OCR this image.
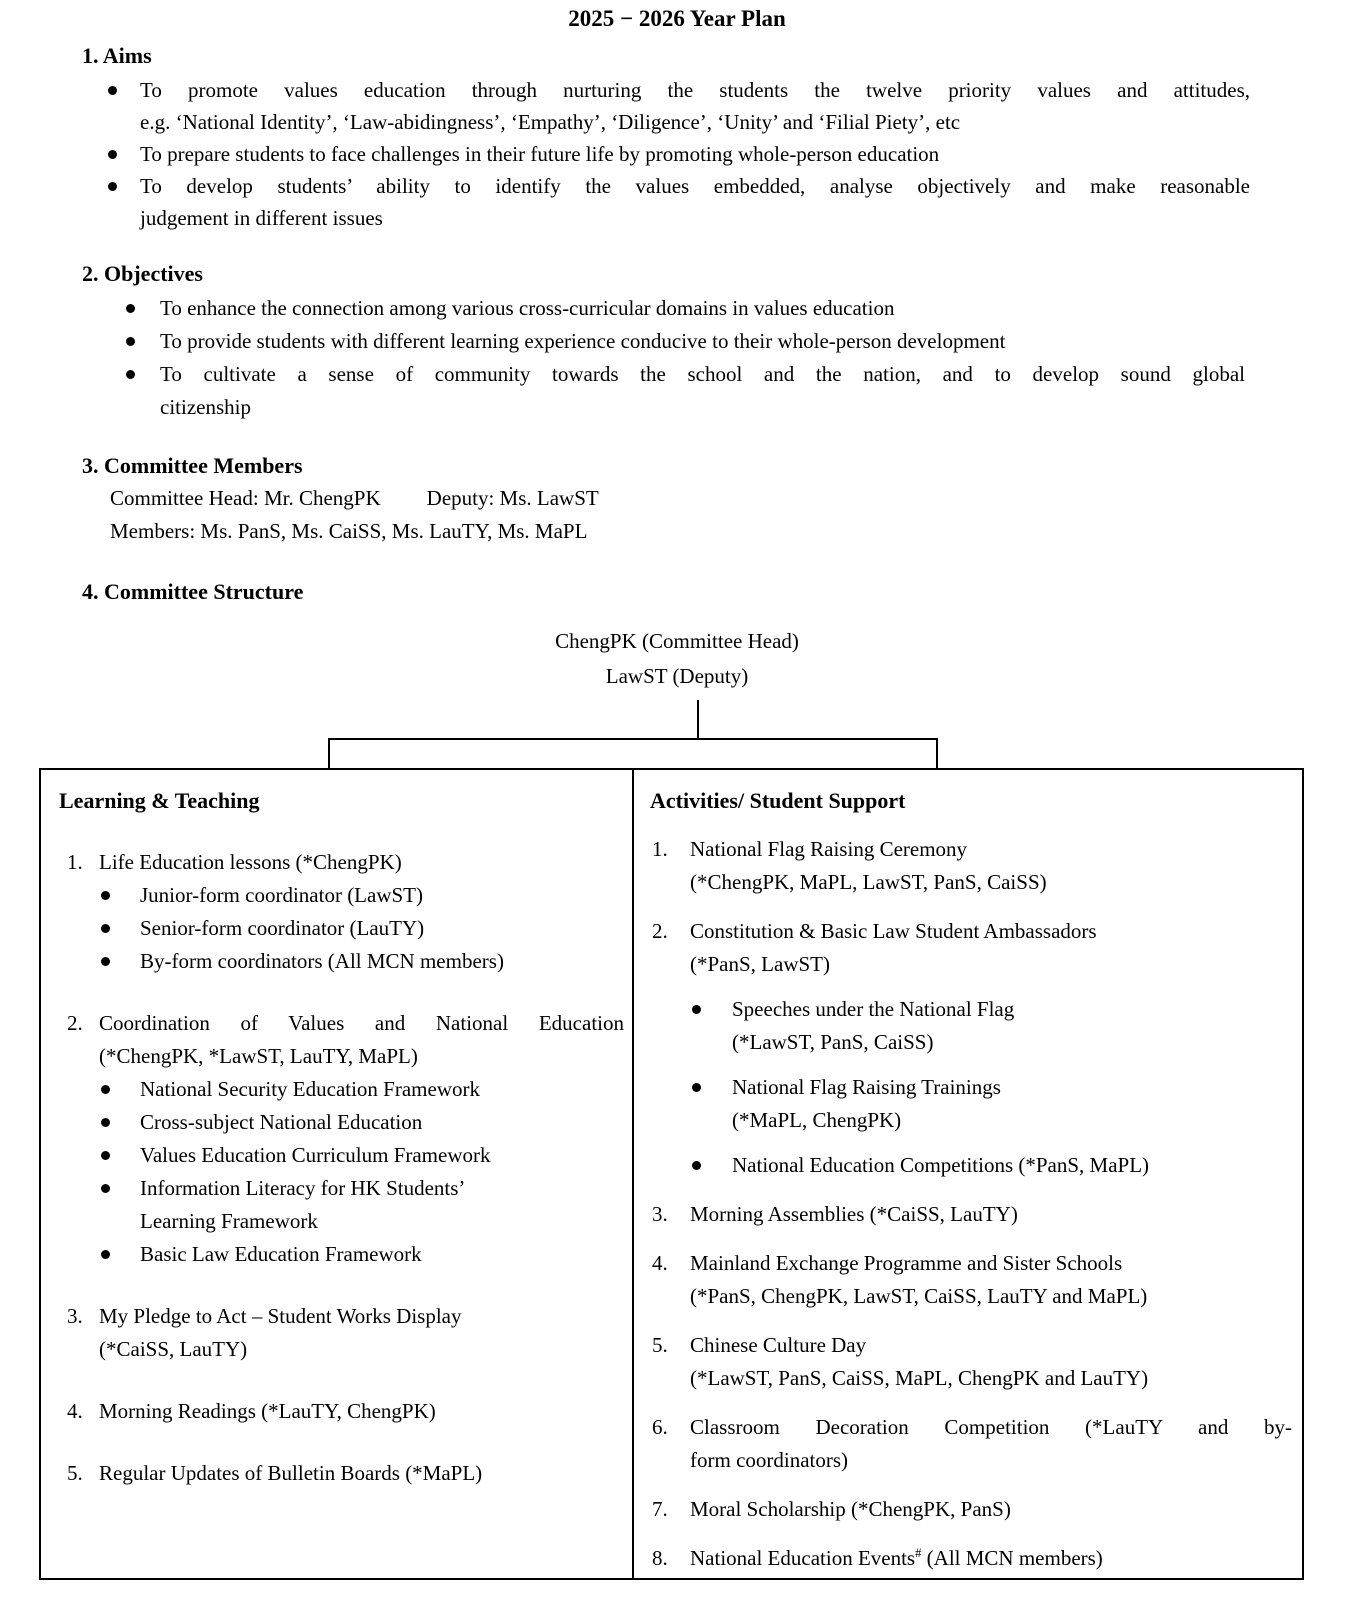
2025 − 2026 Year Plan
1. Aims
To promote values education through nurturing the students the twelve priority values and attitudes,
e.g. ‘National Identity’, ‘Law-abidingness’, ‘Empathy’, ‘Diligence’, ‘Unity’ and ‘Filial Piety’, etc
To prepare students to face challenges in their future life by promoting whole-person education
To develop students’ ability to identify the values embedded, analyse objectively and make reasonable
judgement in different issues
2. Objectives
To enhance the connection among various cross-curricular domains in values education
To provide students with different learning experience conducive to their whole-person development
To cultivate a sense of community towards the school and the nation, and to develop sound global
citizenship
3. Committee Members

Committee Head: Mr. ChengPK Deputy: Ms. LawST

Members: Ms. PanS, Ms. CaiSS, Ms. LauTY, Ms. MaPL

4. Committee Structure
ChengPK (Committee Head)
LawST (Deputy)
Learning & Teaching
1. Life Education lessons (*ChengPK)
Junior-form coordinator (LawST)
Senior-form coordinator (LauTY)
By-form coordinators (All MCN members)
2. Coordination of Values and National Education
(*ChengPK, *LawST, LauTY, MaPL)
National Security Education Framework
Cross-subject National Education
Values Education Curriculum Framework
Information Literacy for HK Students’
Learning Framework
Basic Law Education Framework
3. My Pledge to Act – Student Works Display
(*CaiSS, LauTY)
4. Morning Readings (*LauTY, ChengPK)
5. Regular Updates of Bulletin Boards (*MaPL)
Activities/ Student Support
1.	National Flag Raising Ceremony
(*ChengPK, MaPL, LawST, PanS, CaiSS)
2.	Constitution & Basic Law Student Ambassadors
(*PanS, LawST)
Speeches under the National Flag
(*LawST, PanS, CaiSS)
National Flag Raising Trainings
(*MaPL, ChengPK)
National Education Competitions (*PanS, MaPL)
3.	Morning Assemblies (*CaiSS, LauTY)
4.	Mainland Exchange Programme and Sister Schools
(*PanS, ChengPK, LawST, CaiSS, LauTY and MaPL)
5.	Chinese Culture Day
(*LawST, PanS, CaiSS, MaPL, ChengPK and LauTY)
6.	Classroom Decoration Competition (*LauTY and by-
form coordinators)
7.	Moral Scholarship (*ChengPK, PanS)
8.	National Education Events# (All MCN members)
